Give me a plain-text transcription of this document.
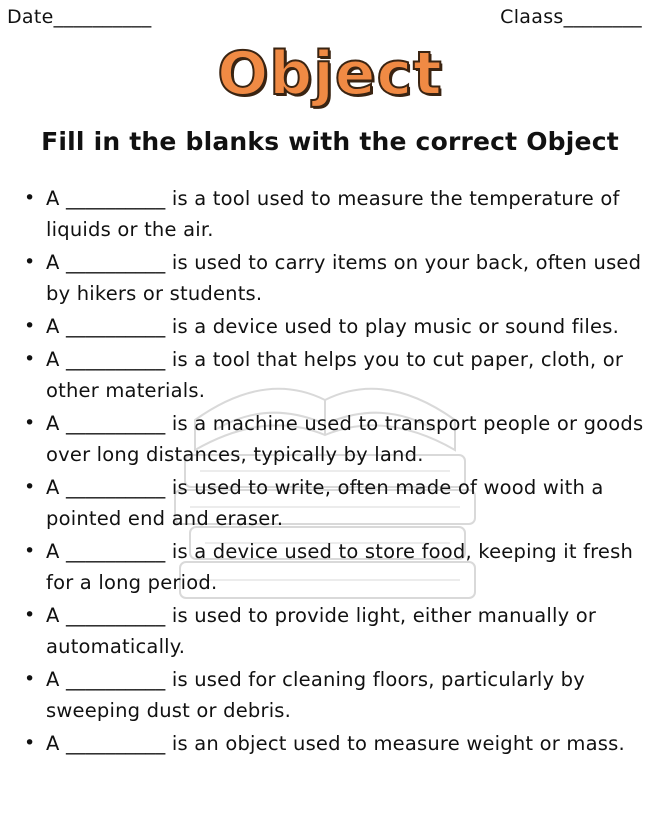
Date__________	Claass________
Object
Fill in the blanks with the correct Object
• A __________ is a tool used to measure the temperature of liquids or the air.
• A __________ is used to carry items on your back, often used by hikers or students.
• A __________ is a device used to play music or sound files.
• A __________ is a tool that helps you to cut paper, cloth, or other materials.
• A __________ is a machine used to transport people or goods over long distances, typically by land.
• A __________ is used to write, often made of wood with a pointed end and eraser.
• A __________ is a device used to store food, keeping it fresh for a long period.
• A __________ is used to provide light, either manually or automatically.
• A __________ is used for cleaning floors, particularly by sweeping dust or debris.
• A __________ is an object used to measure weight or mass.
